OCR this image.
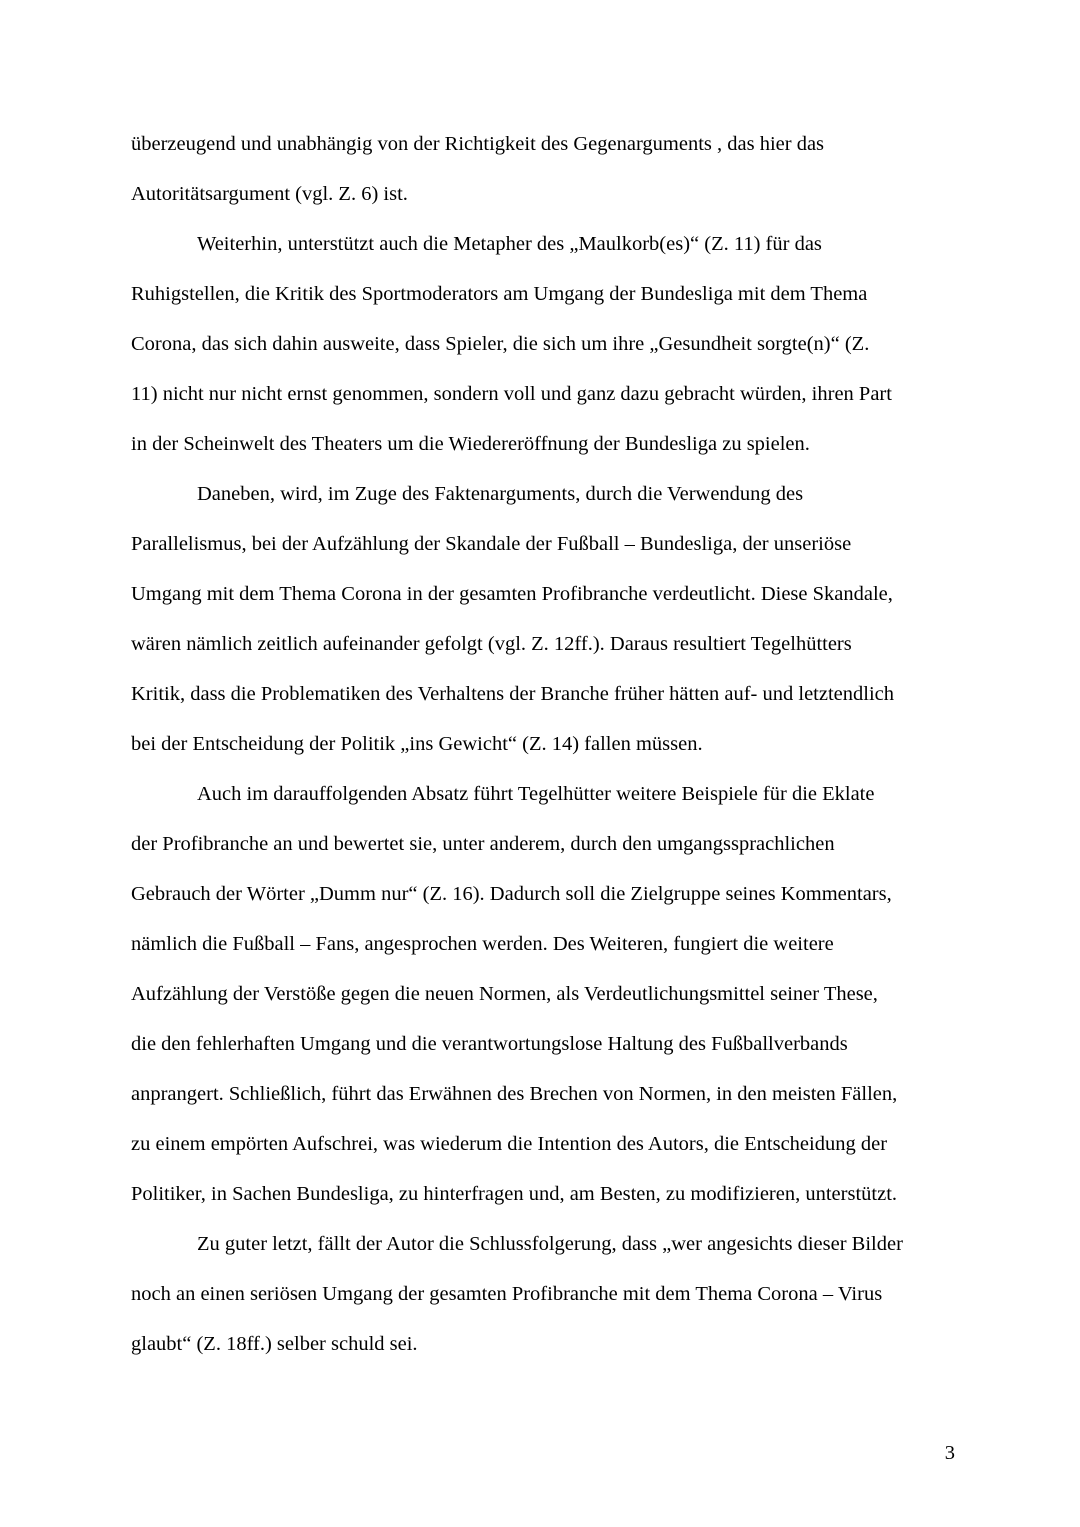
überzeugend und unabhängig von der Richtigkeit des Gegenarguments , das hier das

Autoritätsargument (vgl. Z. 6) ist.

Weiterhin, unterstützt auch die Metapher des „Maulkorb(es)“ (Z. 11) für das

Ruhigstellen, die Kritik des Sportmoderators am Umgang der Bundesliga mit dem Thema

Corona, das sich dahin ausweite, dass Spieler, die sich um ihre „Gesundheit sorgte(n)“ (Z.

11) nicht nur nicht ernst genommen, sondern voll und ganz dazu gebracht würden, ihren Part

in der Scheinwelt des Theaters um die Wiedereröffnung der Bundesliga zu spielen.

Daneben, wird, im Zuge des Faktenarguments, durch die Verwendung des

Parallelismus, bei der Aufzählung der Skandale der Fußball – Bundesliga, der unseriöse

Umgang mit dem Thema Corona in der gesamten Profibranche verdeutlicht. Diese Skandale,

wären nämlich zeitlich aufeinander gefolgt (vgl. Z. 12ff.). Daraus resultiert Tegelhütters

Kritik, dass die Problematiken des Verhaltens der Branche früher hätten auf- und letztendlich

bei der Entscheidung der Politik „ins Gewicht“ (Z. 14) fallen müssen.

Auch im darauffolgenden Absatz führt Tegelhütter weitere Beispiele für die Eklate

der Profibranche an und bewertet sie, unter anderem, durch den umgangssprachlichen

Gebrauch der Wörter „Dumm nur“ (Z. 16). Dadurch soll die Zielgruppe seines Kommentars,

nämlich die Fußball – Fans, angesprochen werden. Des Weiteren, fungiert die weitere

Aufzählung der Verstöße gegen die neuen Normen, als Verdeutlichungsmittel seiner These,

die den fehlerhaften Umgang und die verantwortungslose Haltung des Fußballverbands

anprangert. Schließlich, führt das Erwähnen des Brechen von Normen, in den meisten Fällen,

zu einem empörten Aufschrei, was wiederum die Intention des Autors, die Entscheidung der

Politiker, in Sachen Bundesliga, zu hinterfragen und, am Besten, zu modifizieren, unterstützt.

Zu guter letzt, fällt der Autor die Schlussfolgerung, dass „wer angesichts dieser Bilder

noch an einen seriösen Umgang der gesamten Profibranche mit dem Thema Corona – Virus

glaubt“ (Z. 18ff.) selber schuld sei.

3
